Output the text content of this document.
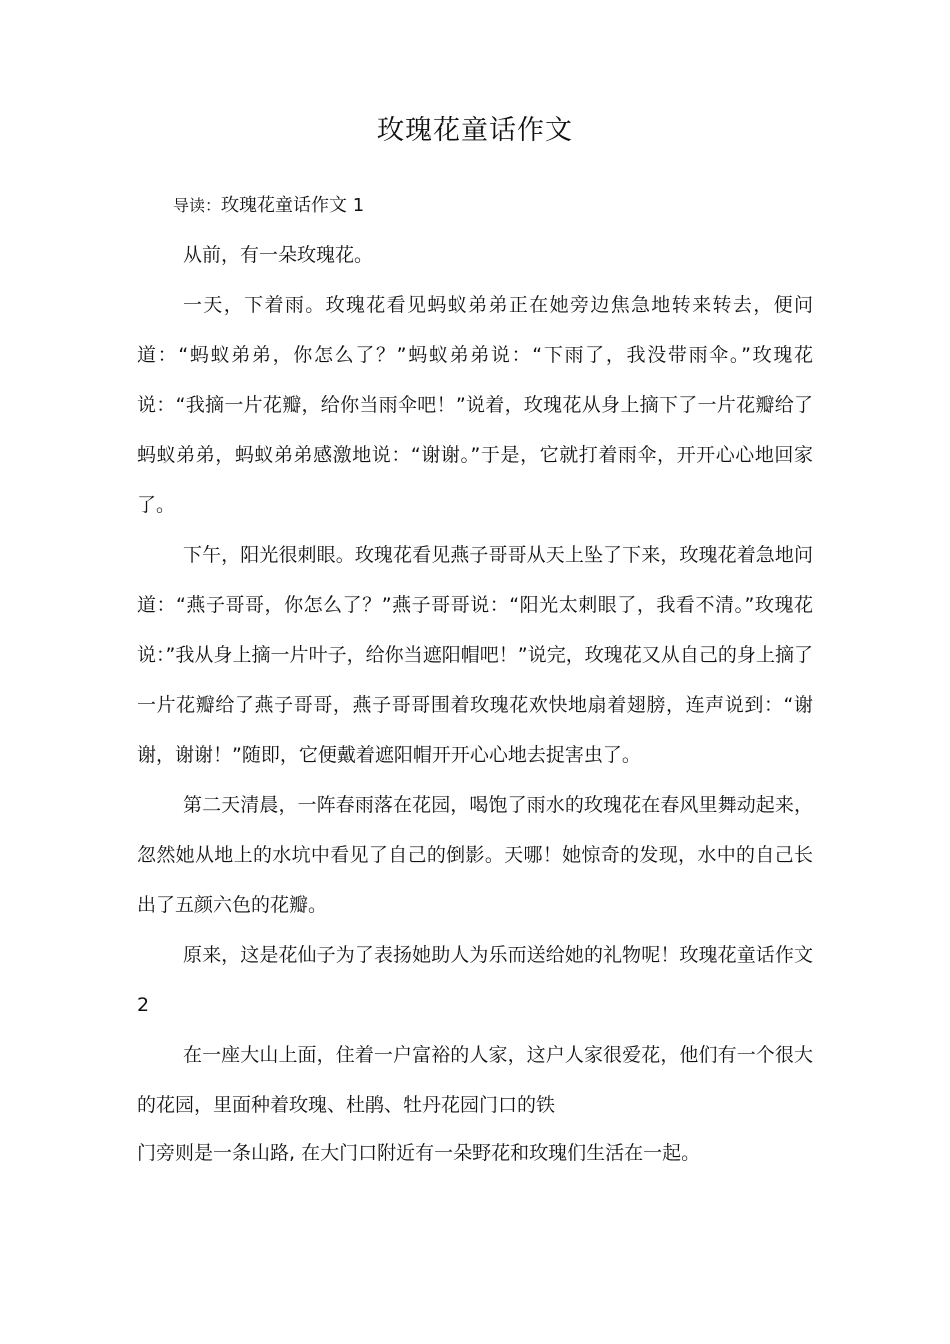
玫瑰花童话作文
导读：玫瑰花童话作文 1

从前，有一朵玫瑰花。

一天，下着雨。玫瑰花看见蚂蚁弟弟正在她旁边焦急地转来转去，便问道：“蚂蚁弟弟，你怎么了？”蚂蚁弟弟说：“下雨了，我没带雨伞。”玫瑰花说：“我摘一片花瓣，给你当雨伞吧！”说着，玫瑰花从身上摘下了一片花瓣给了蚂蚁弟弟，蚂蚁弟弟感激地说：“谢谢。”于是，它就打着雨伞，开开心心地回家了。

下午，阳光很刺眼。玫瑰花看见燕子哥哥从天上坠了下来，玫瑰花着急地问道：“燕子哥哥，你怎么了？”燕子哥哥说：“阳光太刺眼了，我看不清。”玫瑰花说：”我从身上摘一片叶子，给你当遮阳帽吧！”说完，玫瑰花又从自己的身上摘了一片花瓣给了燕子哥哥，燕子哥哥围着玫瑰花欢快地扇着翅膀，连声说到：“谢谢，谢谢！”随即，它便戴着遮阳帽开开心心地去捉害虫了。

第二天清晨，一阵春雨落在花园，喝饱了雨水的玫瑰花在春风里舞动起来，忽然她从地上的水坑中看见了自己的倒影。天哪！她惊奇的发现，水中的自己长出了五颜六色的花瓣。

原来，这是花仙子为了表扬她助人为乐而送给她的礼物呢！玫瑰花童话作文 2

在一座大山上面，住着一户富裕的人家，这户人家很爱花，他们有一个很大的花园，里面种着玫瑰、杜鹃、牡丹花园门口的铁

门旁则是一条山路, 在大门口附近有一朵野花和玫瑰们生活在一起。
